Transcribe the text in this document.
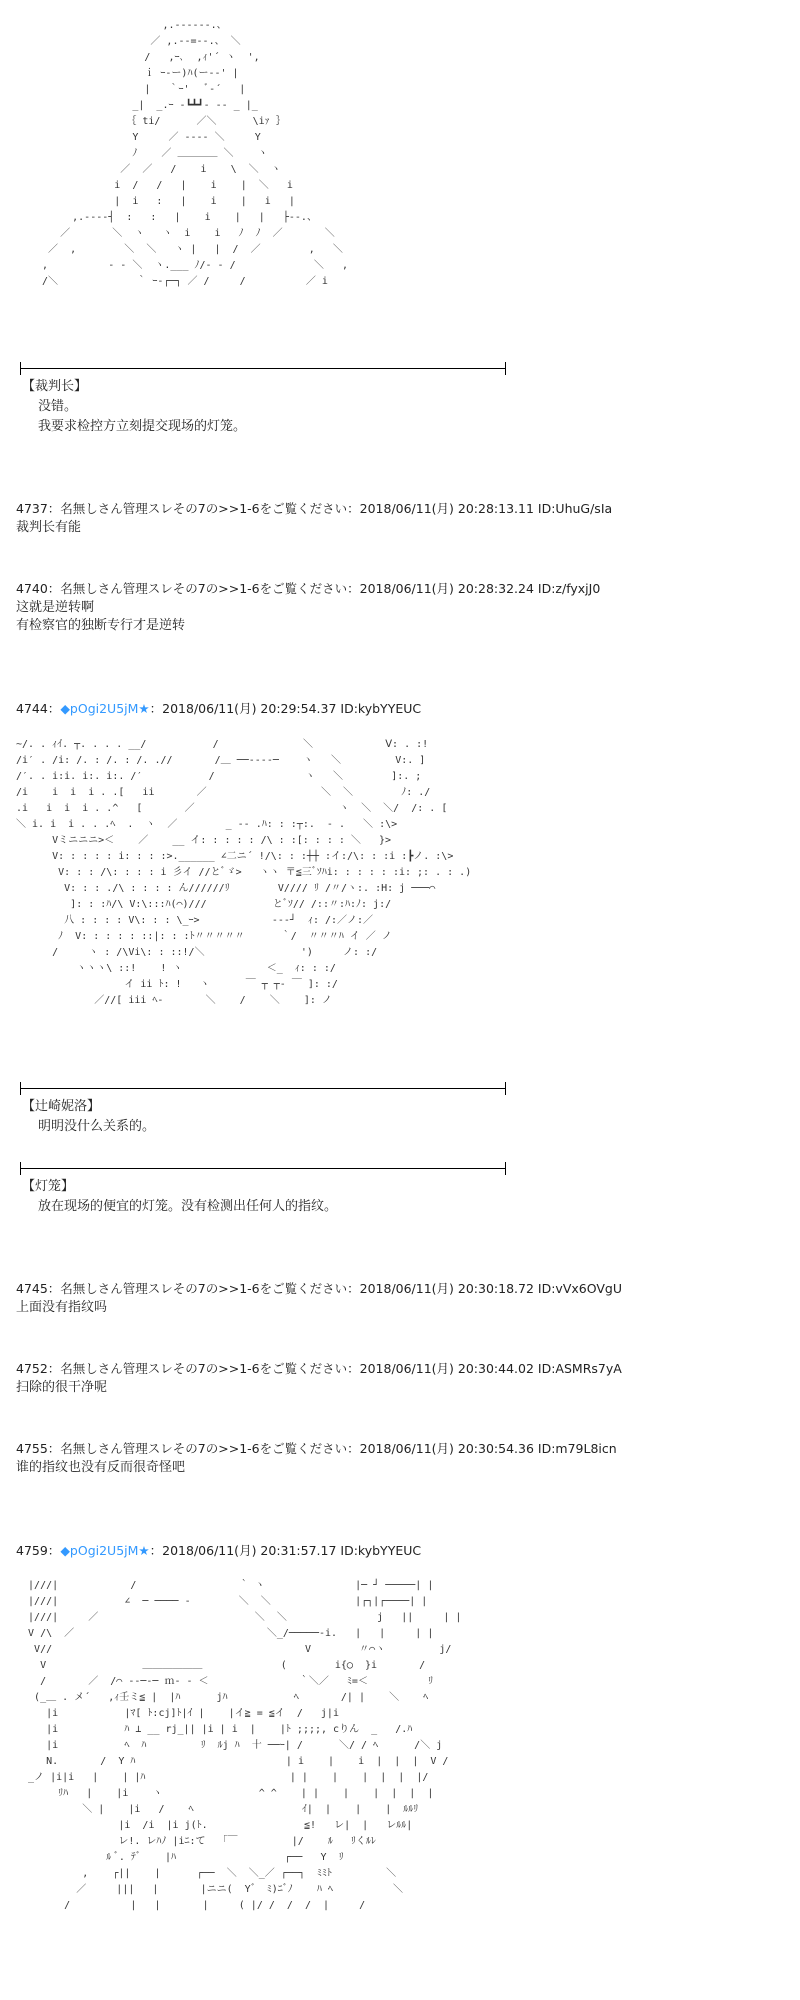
,.-‐‐‐‐-.、
／ ,.-‐=‐-.、 ＼
/   ,ｰ､  ,ｨ'´ ヽ  ',
ｉ ｰ‐ー)ﾊ(ー‐‐' |
|   ｀ｰ'   ﾞ‐´   |
_|  _.ｰ ‐┗┻┛‐ ‐- _ |_
｛ ti/      ／＼      \iｧ ｝
Y     ／ ‐‐‐‐ ＼     Y
ﾉ    ／ ＿＿＿＿ ＼    ヽ
／  ／   /    i    \  ＼  ヽ
i  /   /   |    i    |  ＼   i
|  i   :   |    i    |   i   |
,.---‐┤  :   :   |    i    |   |   ├‐-.、
／       ＼  ヽ   ヽ  i    i   ﾉ  ﾉ  ／       ＼
／  ,        ＼  ＼   ヽ |   |  /  ／        ,   ＼
,          ‐ ‐ ＼  ヽ.___ ﾉ/‐ ‐ /             ＼   ,
/＼             ｀ ｰ-┌─┐ ／ /     /          ／ i
【裁判长】
没错。
我要求检控方立刻提交现场的灯笼。
4737：名無しさん管理スレその7の>>1-6をご覧ください：2018/06/11(月) 20:28:13.11 ID:UhuG/sIa
裁判长有能
4740：名無しさん管理スレその7の>>1-6をご覧ください：2018/06/11(月) 20:28:32.24 ID:z/fyxjJ0
这就是逆转啊
有检察官的独断专行才是逆转
4744：◆pOgi2U5jM★：2018/06/11(月) 20:29:54.37 ID:kybYYEUC
~/. . ｨｲ. ┬. . . . __/           /              ＼            Ⅴ: . :!
/i′ . /i: /. : /. : /. .//       /＿ ──‐‐‐‐─    ヽ   ＼         V:. ]
/′. . i:i. i:. i:. /′           /               ヽ   ＼        ]:. ;
/i    i  i  i . .[   ii       ／                   ＼  ＼        ﾉ: ./
.i   i  i  i . .^   [       ／                        ヽ  ＼  ＼/  /: . [
＼ i. i  i . . .ﾍ  .  ヽ  ／        _ ‐‐ .ﾊ: : :┬:.  ‐ .   ＼ :\>
Vミニニニ>＜    ／    __ イ: : : : : /\ : :[: : : : ＼   }>
V: : : : : i: : : :>.______ ∠二ニ´ !/\: : :┼┼ :イ:/\: : :i :┣ノ. :\>
V: : : /\: : : : i 彡イ //とﾞゞ>   ヽヽ 〒≦三ﾞｿﾊi: : : : : :i: ;: . : .)
V: : : ./\ : : : : ん//////ﾘ        V//// ﾘ /〃/ヽ:. :H: j ───⌒
]: : :ﾊ/\ V:\:::ﾊ(⌒)///           とﾞｿ// /::〃:ﾊ:ﾉ: j:/
八 : : : : V\: : : \_ｰ>            ‐‐‐┘  ｨ: /:／ノ:／
ﾉ  V: : : : : ::|: : :ﾄ〃〃〃〃〃      ｀/  〃〃〃ﾊ イ ／ ノ
/     ヽ : /\Vi\: : ::!/＼                ')     ノ: :/
ヽヽヽ\ ::!    ! ヽ              ＜_  ｨ: : :/
イ ii ﾄ: !   ヽ      ￣ ┬ ┬‐ ￣ ]: :/
／//[ iii ﾍ‐       ＼    /    ＼    ]: ノ
【辻崎妮洛】
明明没什么关系的。
【灯笼】
放在现场的便宜的灯笼。没有检测出任何人的指纹。
4745：名無しさん管理スレその7の>>1-6をご覧ください：2018/06/11(月) 20:30:18.72 ID:vVx6OVgU
上面没有指纹吗
4752：名無しさん管理スレその7の>>1-6をご覧ください：2018/06/11(月) 20:30:44.02 ID:ASMRs7yA
扫除的很干净呢
4755：名無しさん管理スレその7の>>1-6をご覧ください：2018/06/11(月) 20:30:54.36 ID:m79L8icn
谁的指纹也没有反而很奇怪吧
4759：◆pOgi2U5jM★：2018/06/11(月) 20:31:57.17 ID:kybYYEUC
|///|            /                 ｀ ヽ               |─ ┘ ─────| |
|///|           ∠  ─ ──── ‐        ＼  ＼              |┌┐|┌────| |
|///|     ／                          ＼  ＼               j   ||     | |
V /\  ／                                ＼_/─────‐i.   |   |     | |
V//                                          V        〃⌒ヽ         j/
V                ＿＿＿＿＿＿             (        i{◯  }i       /
/       ／  /⌒ ‐‐─‐─ ｍ‐ ‐ ＜               ｀＼／   ﾐ=＜          ﾘ
(_＿ . メ´   ,ｨ壬ミ≦ |  |ﾊ      jﾊ           ﾍ       /| |    ＼    ﾍ
|i           |ﾏ[ ﾄ:cj]ﾄ|ｲ |    |イ≧ = ≦イ  /   j|i
|i           ﾊ ⊥ __ rj_|| |i | i  |    |ﾄ ;;;;, cりん  _   /.ﾊ
|i           ﾍ  ﾊ         ﾘ  ﾙj ﾊ  十 ──ｰ| /      ＼/ / ﾍ      /＼ j
N.       /  Y ﾊ                         | i    |    i  |  |  |  V /
_ノ |i|i   |    | |ﾊ                        | |    |    |  |  |  |/
ﾘﾊ   |    |i    ヽ                ^ ^    | |    |    |  |  |  |
＼ |    |i   /    ﾍ                  ｲ|  |    |    |  ﾙﾙﾘ
|i  /i  |i j(ﾄ.                ≦!   レ|  |   レﾙﾙ|
レ!. レﾊﾉ |iﾆ:て  「￣         |/    ﾙ   ﾘくﾙﾚ
ﾙ ﾞ. ﾃﾞ    |ﾊ                  ┌──   Y  ﾘ
,    ┌||    |      ┌──  ＼  ＼_／ ┌──┐  ﾐﾐﾄ         ＼
／     |||   |       |ニニ(  Y゛ ﾐ)ﾆﾞﾉ    ﾊ ﾍ          ＼
/          |   |       |     ( |/ /  /  /  |     /
